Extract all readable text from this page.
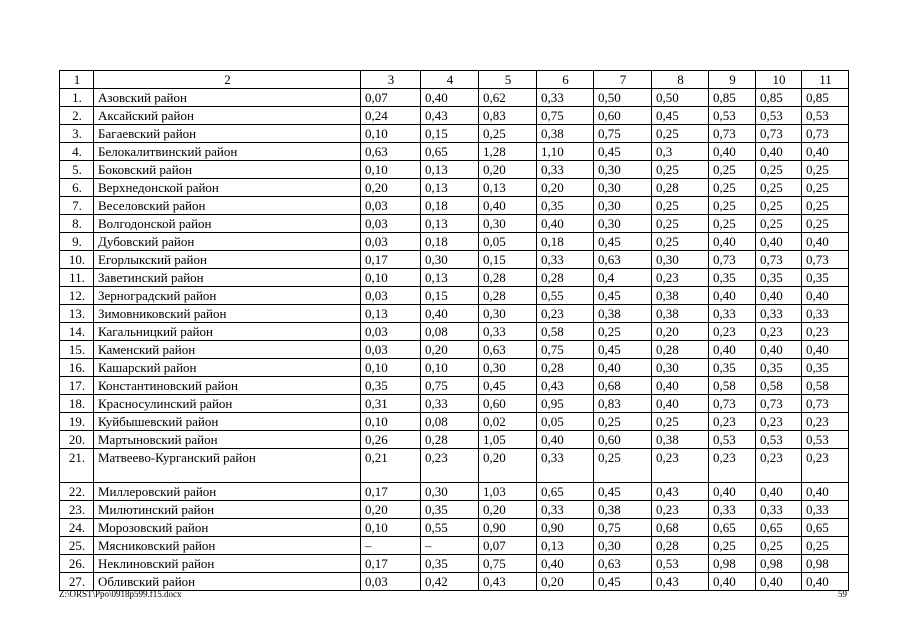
1	2	3	4	5	6	7	8	9	10	11
1.	Азовский район	0,07	0,40	0,62	0,33	0,50	0,50	0,85	0,85	0,85
2.	Аксайский район	0,24	0,43	0,83	0,75	0,60	0,45	0,53	0,53	0,53
3.	Багаевский район	0,10	0,15	0,25	0,38	0,75	0,25	0,73	0,73	0,73
4.	Белокалитвинский район	0,63	0,65	1,28	1,10	0,45	0,3	0,40	0,40	0,40
5.	Боковский район	0,10	0,13	0,20	0,33	0,30	0,25	0,25	0,25	0,25
6.	Верхнедонской район	0,20	0,13	0,13	0,20	0,30	0,28	0,25	0,25	0,25
7.	Веселовский район	0,03	0,18	0,40	0,35	0,30	0,25	0,25	0,25	0,25
8.	Волгодонской район	0,03	0,13	0,30	0,40	0,30	0,25	0,25	0,25	0,25
9.	Дубовский район	0,03	0,18	0,05	0,18	0,45	0,25	0,40	0,40	0,40
10.	Егорлыкский район	0,17	0,30	0,15	0,33	0,63	0,30	0,73	0,73	0,73
11.	Заветинский район	0,10	0,13	0,28	0,28	0,4	0,23	0,35	0,35	0,35
12.	Зерноградский район	0,03	0,15	0,28	0,55	0,45	0,38	0,40	0,40	0,40
13.	Зимовниковский район	0,13	0,40	0,30	0,23	0,38	0,38	0,33	0,33	0,33
14.	Кагальницкий район	0,03	0,08	0,33	0,58	0,25	0,20	0,23	0,23	0,23
15.	Каменский район	0,03	0,20	0,63	0,75	0,45	0,28	0,40	0,40	0,40
16.	Кашарский район	0,10	0,10	0,30	0,28	0,40	0,30	0,35	0,35	0,35
17.	Константиновский район	0,35	0,75	0,45	0,43	0,68	0,40	0,58	0,58	0,58
18.	Красносулинский район	0,31	0,33	0,60	0,95	0,83	0,40	0,73	0,73	0,73
19.	Куйбышевский район	0,10	0,08	0,02	0,05	0,25	0,25	0,23	0,23	0,23
20.	Мартыновский район	0,26	0,28	1,05	0,40	0,60	0,38	0,53	0,53	0,53
21.	Матвеево-Курганский район	0,21	0,23	0,20	0,33	0,25	0,23	0,23	0,23	0,23
22.	Миллеровский район	0,17	0,30	1,03	0,65	0,45	0,43	0,40	0,40	0,40
23.	Милютинский район	0,20	0,35	0,20	0,33	0,38	0,23	0,33	0,33	0,33
24.	Морозовский район	0,10	0,55	0,90	0,90	0,75	0,68	0,65	0,65	0,65
25.	Мясниковский район	–	–	0,07	0,13	0,30	0,28	0,25	0,25	0,25
26.	Неклиновский район	0,17	0,35	0,75	0,40	0,63	0,53	0,98	0,98	0,98
27.	Обливский район	0,03	0,42	0,43	0,20	0,45	0,43	0,40	0,40	0,40
Z:\ORST\Ppo\0918p599.f15.docx	59
